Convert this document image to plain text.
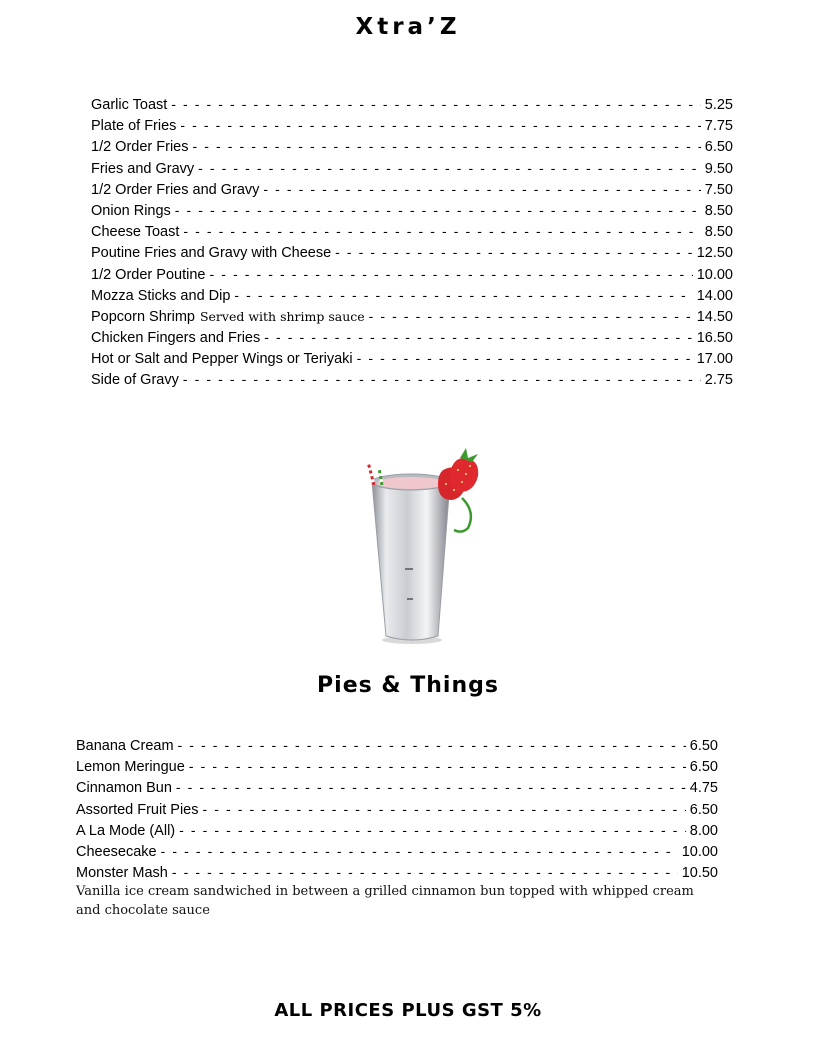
Xtra’Z
Garlic Toast - - -	5.25
Plate of Fries - - -	7.75
1/2 Order Fries - - -	6.50
Fries and Gravy - - -	9.50
1/2 Order Fries and Gravy - - -	7.50
Onion Rings - - -	8.50
Cheese Toast - - -	8.50
Poutine Fries and Gravy with Cheese - - -	12.50
1/2 Order Poutine - - -	10.00
Mozza Sticks and Dip - - -	14.00
Popcorn Shrimp Served with shrimp sauce - - -	14.50
Chicken Fingers and Fries - - -	16.50
Hot or Salt and Pepper Wings or Teriyaki - - -	17.00
Side of Gravy - - -	2.75
Pies & Things
Banana Cream - - -	6.50
Lemon Meringue - - -	6.50
Cinnamon Bun - - -	4.75
Assorted Fruit Pies - - -	6.50
A La Mode (All) - - -	8.00
Cheesecake - - -	10.00
Monster Mash - - -	10.50

Vanilla ice cream sandwiched in between a grilled cinnamon bun topped with whipped cream and chocolate sauce

ALL PRICES PLUS GST 5%
